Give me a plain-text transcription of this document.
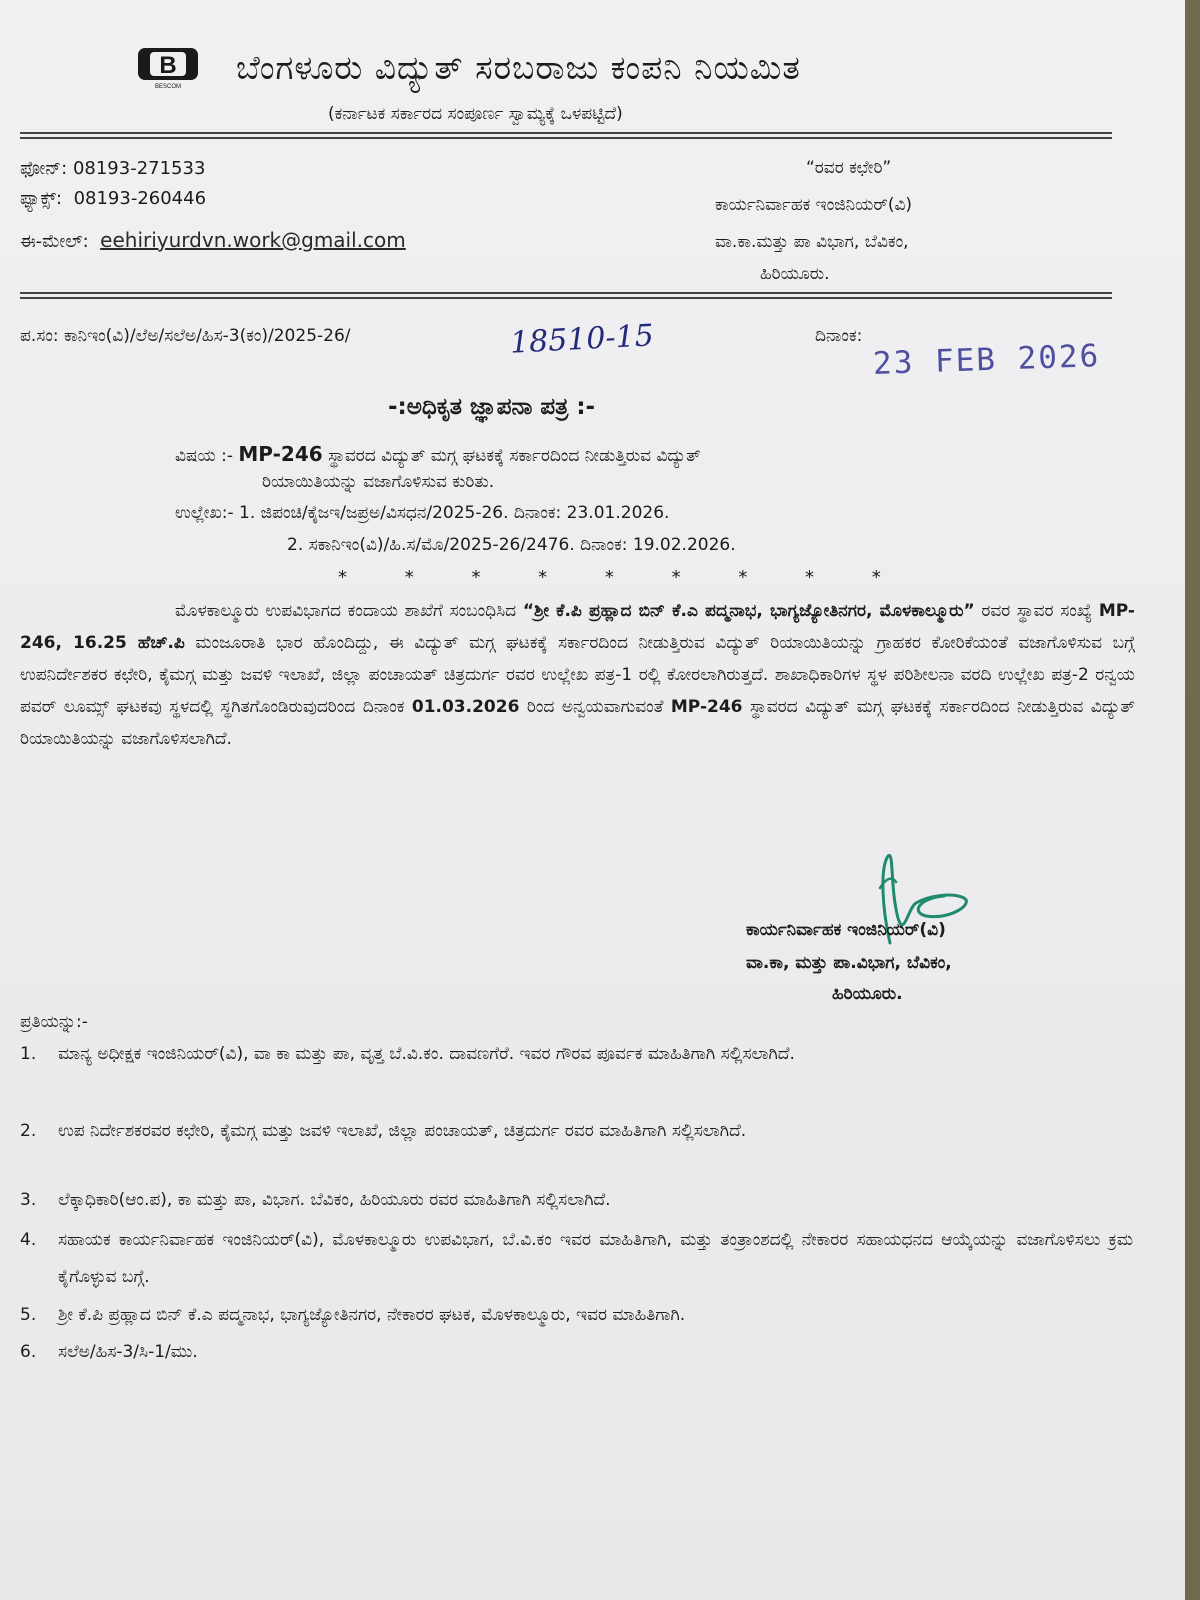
B
BESCOM ಬೆಂಗಳೂರು ವಿದ್ಯುತ್ ಸರಬರಾಜು ಕಂಪನಿ ನಿಯಮಿತ
(ಕರ್ನಾಟಕ ಸರ್ಕಾರದ ಸಂಪೂರ್ಣ ಸ್ವಾಮ್ಯಕ್ಕೆ ಒಳಪಟ್ಟಿದೆ)
ಫೋನ್: 08193-271533
ಫ್ಯಾಕ್ಸ್: 08193-260446
ಈ-ಮೇಲ್: eehiriyurdvn.work@gmail.com
“ರವರ ಕಛೇರಿ”
ಕಾರ್ಯನಿರ್ವಾಹಕ ಇಂಜಿನಿಯರ್(ವಿ)
ವಾ.ಕಾ.ಮತ್ತು ಪಾ ವಿಭಾಗ, ಬೆವಿಕಂ,
ಹಿರಿಯೂರು.
ಪ.ಸಂ: ಕಾನಿಇಂ(ವಿ)/ಲೆಅ/ಸಲೆಅ/ಹಿಸ-3(ಕಂ)/2025-26/	18510-15	ದಿನಾಂಕ:
23 FEB 2026
-:ಅಧಿಕೃತ ಜ್ಞಾಪನಾ ಪತ್ರ :-
ವಿಷಯ :- MP-246 ಸ್ಥಾವರದ ವಿದ್ಯುತ್ ಮಗ್ಗ ಘಟಕಕ್ಕೆ ಸರ್ಕಾರದಿಂದ ನೀಡುತ್ತಿರುವ ವಿದ್ಯುತ್
ರಿಯಾಯಿತಿಯನ್ನು ವಜಾಗೊಳಿಸುವ ಕುರಿತು.
ಉಲ್ಲೇಖ:- 1. ಜಿಪಂಚಿ/ಕೈಜಇ/ಜಪ್ರಅ/ವಿಸಧನ/2025-26. ದಿನಾಂಕ: 23.01.2026.
2. ಸಕಾನಿಇಂ(ವಿ)/ಹಿ.ಸ/ಮೊ/2025-26/2476. ದಿನಾಂಕ: 19.02.2026.
* * * * * * * * *
ಮೊಳಕಾಲ್ಮೂರು ಉಪವಿಭಾಗದ ಕಂದಾಯ ಶಾಖೆಗೆ ಸಂಬಂಧಿಸಿದ “ಶ್ರೀ ಕೆ.ಪಿ ಪ್ರಹ್ಲಾದ ಬಿನ್ ಕೆ.ಎ ಪದ್ಮನಾಭ, ಭಾಗ್ಯಜ್ಯೋತಿನಗರ, ಮೊಳಕಾಲ್ಮೂರು” ರವರ ಸ್ಥಾವರ ಸಂಖ್ಯೆ MP-246, 16.25 ಹೆಚ್.ಪಿ ಮಂಜೂರಾತಿ ಭಾರ ಹೊಂದಿದ್ದು, ಈ ವಿದ್ಯುತ್ ಮಗ್ಗ ಘಟಕಕ್ಕೆ ಸರ್ಕಾರದಿಂದ ನೀಡುತ್ತಿರುವ ವಿದ್ಯುತ್ ರಿಯಾಯಿತಿಯನ್ನು ಗ್ರಾಹಕರ ಕೋರಿಕೆಯಂತೆ ವಜಾಗೊಳಿಸುವ ಬಗ್ಗೆ ಉಪನಿರ್ದೇಶಕರ ಕಛೇರಿ, ಕೈಮಗ್ಗ ಮತ್ತು ಜವಳಿ ಇಲಾಖೆ, ಜಿಲ್ಲಾ ಪಂಚಾಯತ್ ಚಿತ್ರದುರ್ಗ ರವರ ಉಲ್ಲೇಖ ಪತ್ರ-1 ರಲ್ಲಿ ಕೋರಲಾಗಿರುತ್ತದೆ. ಶಾಖಾಧಿಕಾರಿಗಳ ಸ್ಥಳ ಪರಿಶೀಲನಾ ವರದಿ ಉಲ್ಲೇಖ ಪತ್ರ-2 ರನ್ವಯ ಪವರ್ ಲೂಮ್ಸ್ ಘಟಕವು ಸ್ಥಳದಲ್ಲಿ ಸ್ಥಗಿತಗೊಂಡಿರುವುದರಿಂದ ದಿನಾಂಕ 01.03.2026 ರಿಂದ ಅನ್ವಯವಾಗುವಂತೆ MP-246 ಸ್ಥಾವರದ ವಿದ್ಯುತ್ ಮಗ್ಗ ಘಟಕಕ್ಕೆ ಸರ್ಕಾರದಿಂದ ನೀಡುತ್ತಿರುವ ವಿದ್ಯುತ್ ರಿಯಾಯಿತಿಯನ್ನು ವಜಾಗೊಳಿಸಲಾಗಿದೆ.
ಕಾರ್ಯನಿರ್ವಾಹಕ ಇಂಜಿನಿಯರ್(ವಿ)
ವಾ.ಕಾ, ಮತ್ತು ಪಾ.ವಿಭಾಗ, ಬೆವಿಕಂ,
ಹಿರಿಯೂರು.
ಪ್ರತಿಯನ್ನು:-
1. ಮಾನ್ಯ ಅಧೀಕ್ಷಕ ಇಂಜಿನಿಯರ್(ವಿ), ವಾ ಕಾ ಮತ್ತು ಪಾ, ವೃತ್ತ ಬೆ.ವಿ.ಕಂ. ದಾವಣಗೆರೆ. ಇವರ ಗೌರವ ಪೂರ್ವಕ ಮಾಹಿತಿಗಾಗಿ ಸಲ್ಲಿಸಲಾಗಿದೆ.
2. ಉಪ ನಿರ್ದೇಶಕರವರ ಕಛೇರಿ, ಕೈಮಗ್ಗ ಮತ್ತು ಜವಳಿ ಇಲಾಖೆ, ಜಿಲ್ಲಾ ಪಂಚಾಯತ್, ಚಿತ್ರದುರ್ಗ ರವರ ಮಾಹಿತಿಗಾಗಿ ಸಲ್ಲಿಸಲಾಗಿದೆ.
3. ಲೆಕ್ಕಾಧಿಕಾರಿ(ಆಂ.ಪ), ಕಾ ಮತ್ತು ಪಾ, ವಿಭಾಗ. ಬೆವಿಕಂ, ಹಿರಿಯೂರು ರವರ ಮಾಹಿತಿಗಾಗಿ ಸಲ್ಲಿಸಲಾಗಿದೆ.
4. ಸಹಾಯಕ ಕಾರ್ಯನಿರ್ವಾಹಕ ಇಂಜಿನಿಯರ್(ವಿ), ಮೊಳಕಾಲ್ಮೂರು ಉಪವಿಭಾಗ, ಬೆ.ವಿ.ಕಂ ಇವರ ಮಾಹಿತಿಗಾಗಿ, ಮತ್ತು ತಂತ್ರಾಂಶದಲ್ಲಿ ನೇಕಾರರ ಸಹಾಯಧನದ ಆಯ್ಕೆಯನ್ನು ವಜಾಗೊಳಿಸಲು ಕ್ರಮ ಕೈಗೊಳ್ಳುವ ಬಗ್ಗೆ.
5. ಶ್ರೀ ಕೆ.ಪಿ ಪ್ರಹ್ಲಾದ ಬಿನ್ ಕೆ.ಎ ಪದ್ಮನಾಭ, ಭಾಗ್ಯಜ್ಯೋತಿನಗರ, ನೇಕಾರರ ಘಟಕ, ಮೊಳಕಾಲ್ಮೂರು, ಇವರ ಮಾಹಿತಿಗಾಗಿ.
6. ಸಲೆಅ/ಹಿಸ-3/ಸಿ-1/ಮು.
